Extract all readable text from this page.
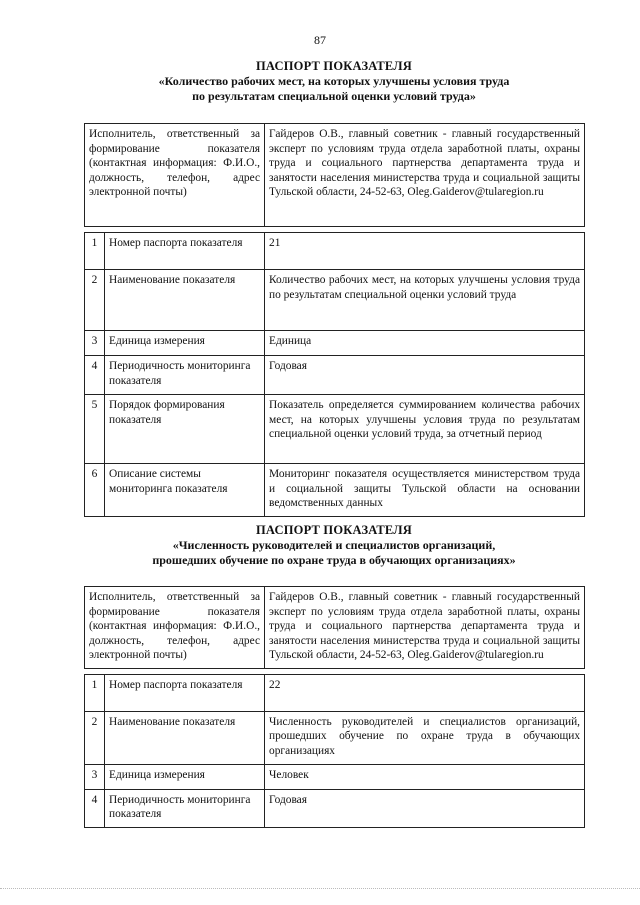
87
ПАСПОРТ ПОКАЗАТЕЛЯ
«Количество рабочих мест, на которых улучшены условия труда
по результатам специальной оценки условий труда»
Исполнитель, ответственный за формирование показателя (контактная информация: Ф.И.О., должность, телефон, адрес электронной почты)		Гайдеров О.В., главный советник - главный государственный эксперт по условиям труда отдела заработной платы, охраны труда и социального партнерства департамента труда и занятости населения министерства труда и социальной защиты Тульской области, 24-52-63, Oleg.Gaiderov@tularegion.ru

1	Номер паспорта показателя	21
2	Наименование показателя	Количество рабочих мест, на которых улучшены условия труда по результатам специальной оценки условий труда
3	Единица измерения	Единица
4	Периодичность мониторинга показателя	Годовая
5	Порядок формирования показателя	Показатель определяется суммированием количества рабочих мест, на которых улучшены условия труда по результатам специальной оценки условий труда, за отчетный период
6	Описание системы мониторинга показателя	Мониторинг показателя осуществляется министерством труда и социальной защиты Тульской области на основании ведомственных данных
ПАСПОРТ ПОКАЗАТЕЛЯ
«Численность руководителей и специалистов организаций,
прошедших обучение по охране труда в обучающих организациях»
Исполнитель, ответственный за формирование показателя (контактная информация: Ф.И.О., должность, телефон, адрес электронной почты)		Гайдеров О.В., главный советник - главный государственный эксперт по условиям труда отдела заработной платы, охраны труда и социального партнерства департамента труда и занятости населения министерства труда и социальной защиты Тульской области, 24-52-63, Oleg.Gaiderov@tularegion.ru

1	Номер паспорта показателя	22
2	Наименование показателя	Численность руководителей и специалистов организаций, прошедших обучение по охране труда в обучающих организациях
3	Единица измерения	Человек
4	Периодичность мониторинга показателя	Годовая
